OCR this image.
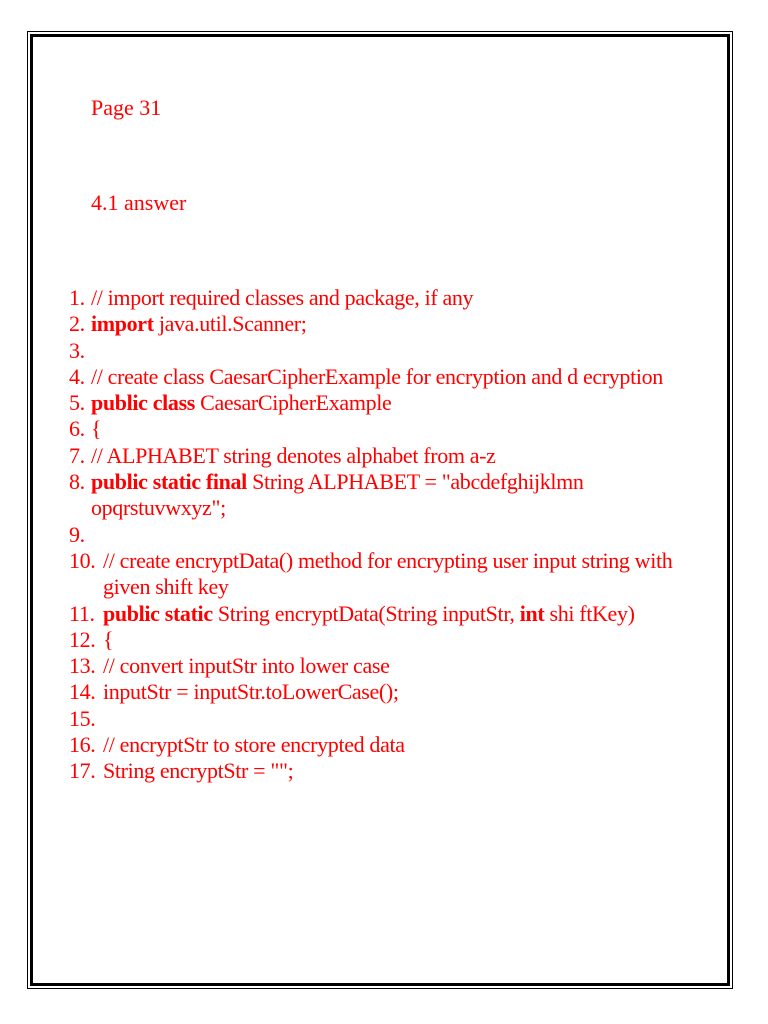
Page 31
4.1 answer
1. // import required classes and package, if any
2. import java.util.Scanner;
3.

4. // create class CaesarCipherExample for encryption and d ecryption
5. public class CaesarCipherExample
6. {
7. // ALPHABET string denotes alphabet from a-z
8. public static final String ALPHABET = "abcdefghijklmn opqrstuvwxyz";
9.

10. // create encryptData() method for encrypting user input string with given shift key
11. public static String encryptData(String inputStr, int shi ftKey)
12. {
13. // convert inputStr into lower case
14. inputStr = inputStr.toLowerCase();
15.

16. // encryptStr to store encrypted data
17. String encryptStr = "";
